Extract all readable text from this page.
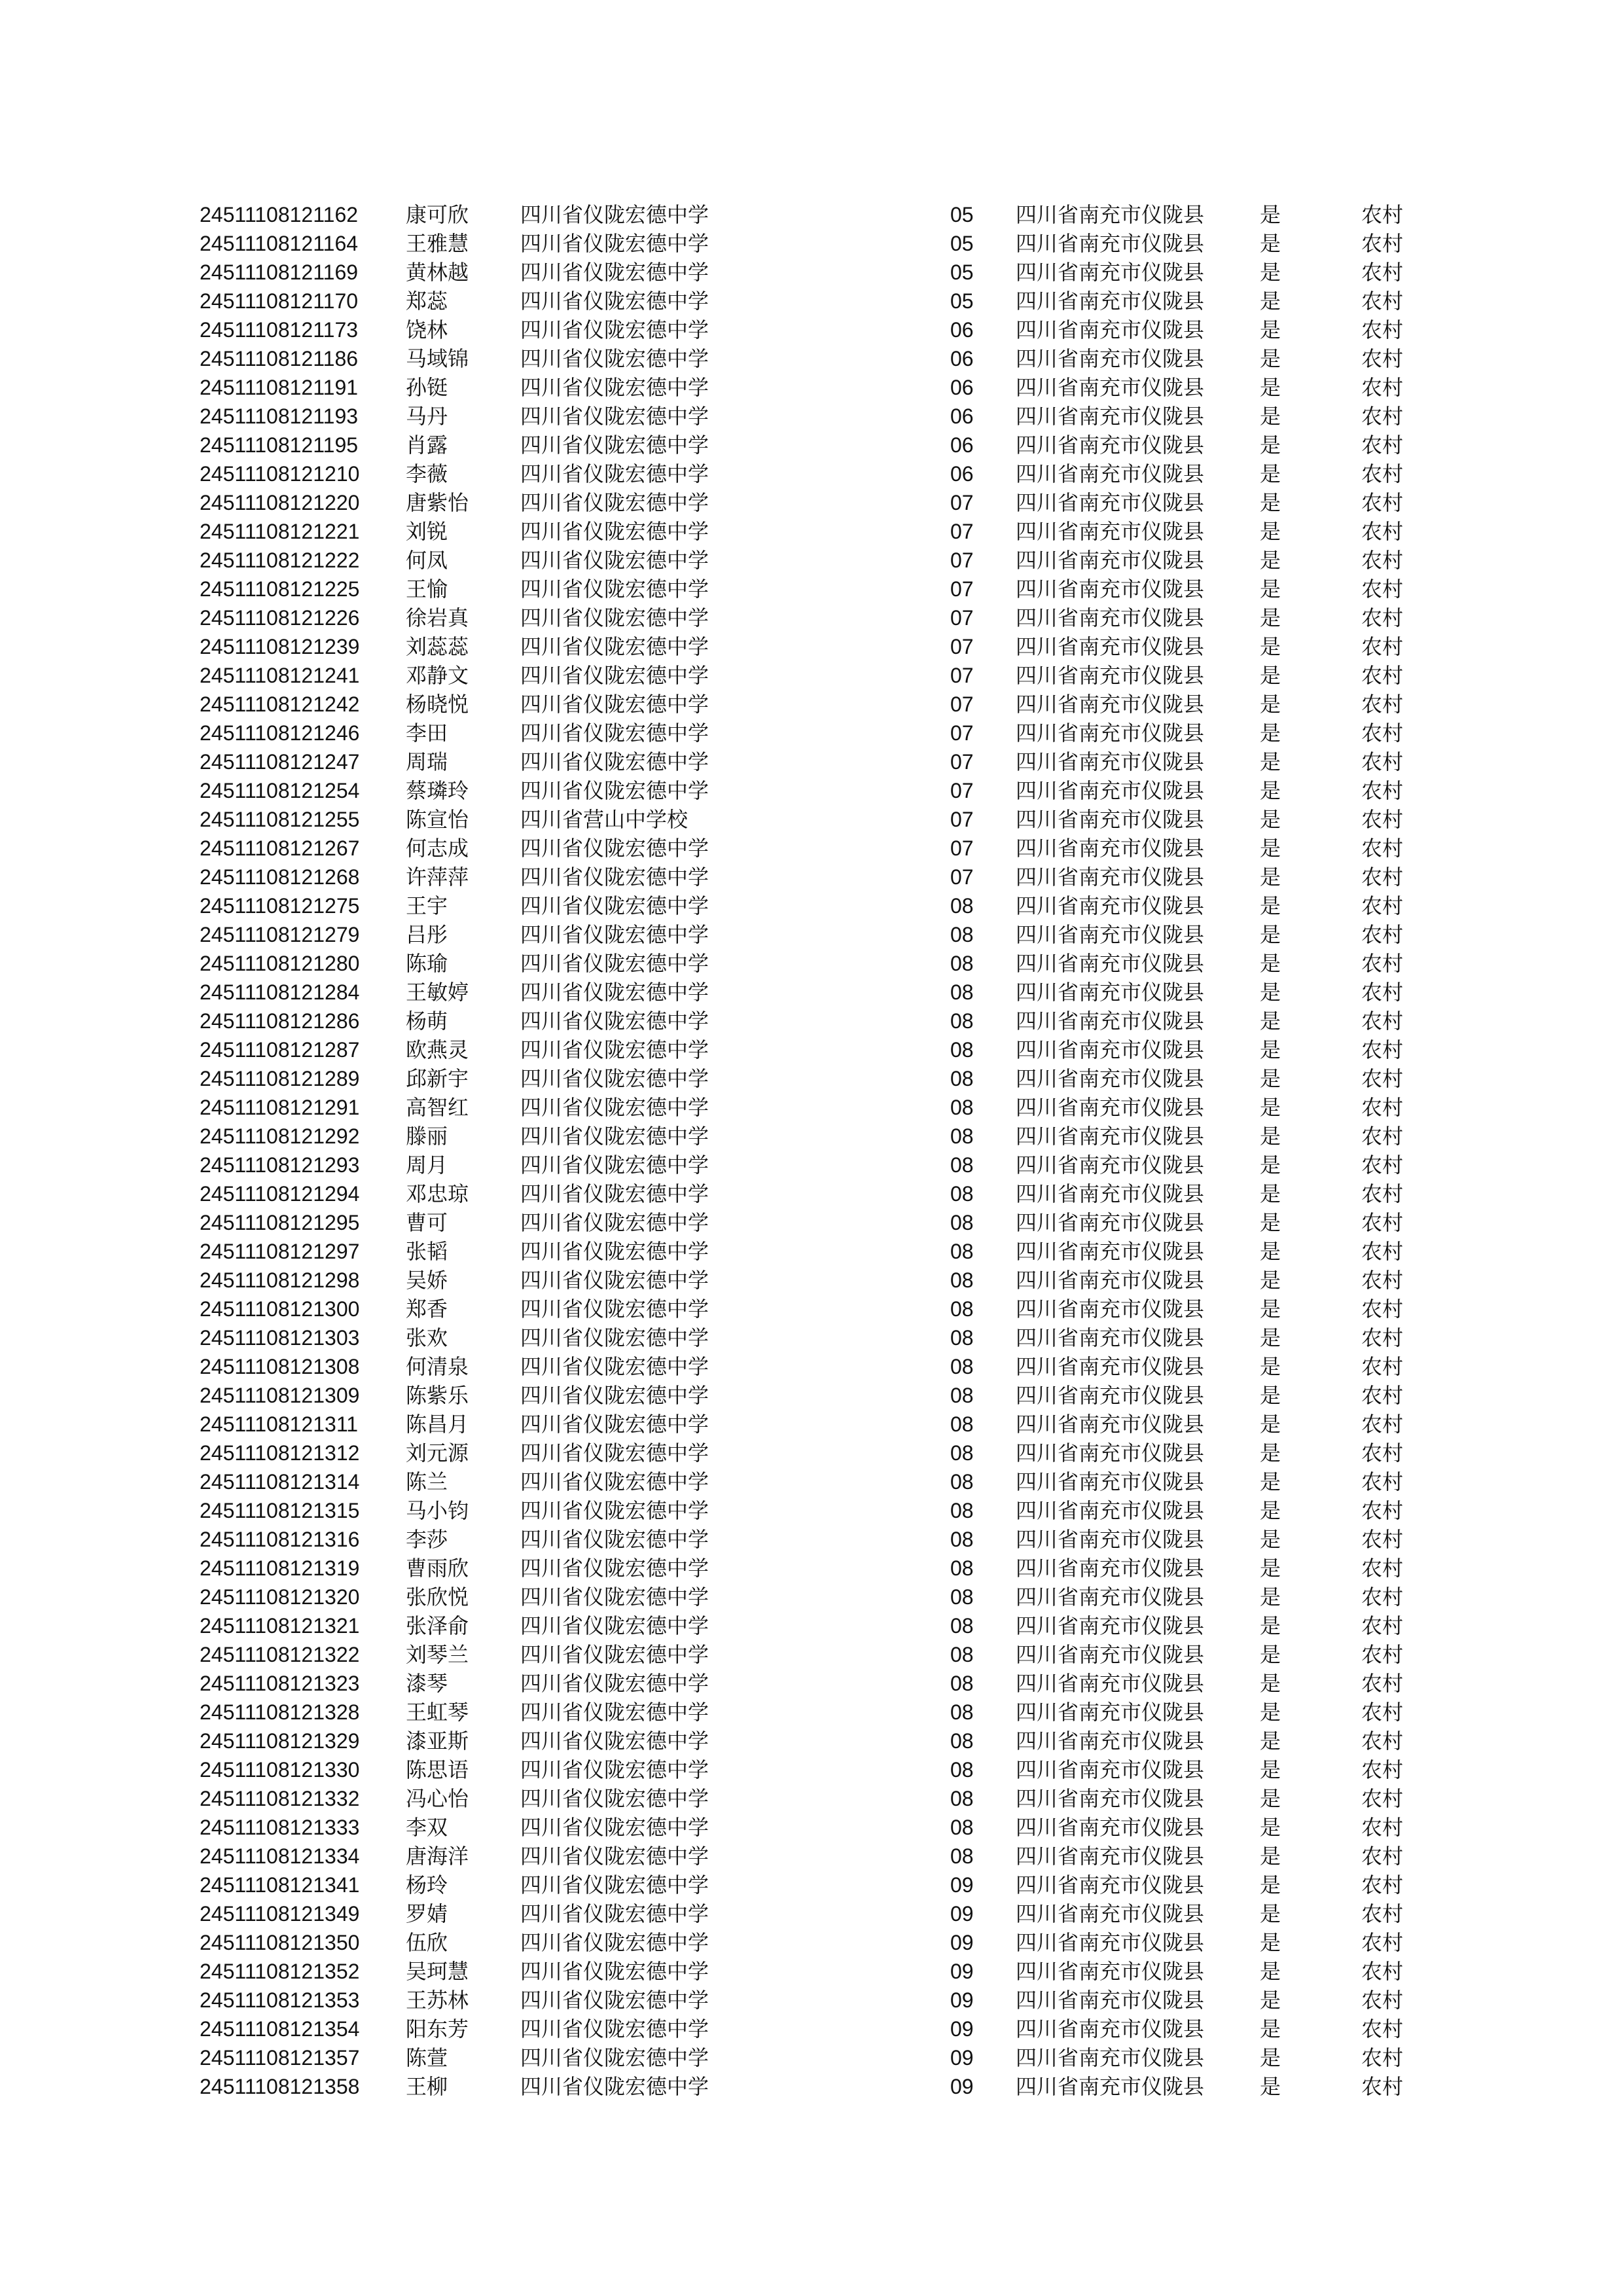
24511108121162 康可欣 四川省仪陇宏德中学	05 四川省南充市仪陇县	是	农村
24511108121164 王雅慧 四川省仪陇宏德中学	05 四川省南充市仪陇县	是	农村
24511108121169 黄林越 四川省仪陇宏德中学	05 四川省南充市仪陇县	是	农村
24511108121170 郑蕊	四川省仪陇宏德中学	05 四川省南充市仪陇县	是	农村
24511108121173 饶林	四川省仪陇宏德中学	06 四川省南充市仪陇县	是	农村
24511108121186 马域锦 四川省仪陇宏德中学	06 四川省南充市仪陇县	是	农村
24511108121191 孙铤	四川省仪陇宏德中学	06 四川省南充市仪陇县	是	农村
24511108121193 马丹	四川省仪陇宏德中学	06 四川省南充市仪陇县	是	农村
24511108121195 肖露	四川省仪陇宏德中学	06 四川省南充市仪陇县	是	农村
24511108121210 李薇	四川省仪陇宏德中学	06 四川省南充市仪陇县	是	农村
24511108121220 唐紫怡 四川省仪陇宏德中学	07 四川省南充市仪陇县	是	农村
24511108121221 刘锐	四川省仪陇宏德中学	07 四川省南充市仪陇县	是	农村
24511108121222 何凤	四川省仪陇宏德中学	07 四川省南充市仪陇县	是	农村
24511108121225 王愉	四川省仪陇宏德中学	07 四川省南充市仪陇县	是	农村
24511108121226 徐岩真 四川省仪陇宏德中学	07 四川省南充市仪陇县	是	农村
24511108121239 刘蕊蕊 四川省仪陇宏德中学	07 四川省南充市仪陇县	是	农村
24511108121241 邓静文 四川省仪陇宏德中学	07 四川省南充市仪陇县	是	农村
24511108121242 杨晓悦 四川省仪陇宏德中学	07 四川省南充市仪陇县	是	农村
24511108121246 李田	四川省仪陇宏德中学	07 四川省南充市仪陇县	是	农村
24511108121247 周瑞	四川省仪陇宏德中学	07 四川省南充市仪陇县	是	农村
24511108121254 蔡璘玲 四川省仪陇宏德中学	07 四川省南充市仪陇县	是	农村
24511108121255 陈宣怡 四川省营山中学校	07 四川省南充市仪陇县	是	农村
24511108121267 何志成 四川省仪陇宏德中学	07 四川省南充市仪陇县	是	农村
24511108121268 许萍萍 四川省仪陇宏德中学	07 四川省南充市仪陇县	是	农村
24511108121275 王宇	四川省仪陇宏德中学	08 四川省南充市仪陇县	是	农村
24511108121279 吕彤	四川省仪陇宏德中学	08 四川省南充市仪陇县	是	农村
24511108121280 陈瑜	四川省仪陇宏德中学	08 四川省南充市仪陇县	是	农村
24511108121284 王敏婷 四川省仪陇宏德中学	08 四川省南充市仪陇县	是	农村
24511108121286 杨萌	四川省仪陇宏德中学	08 四川省南充市仪陇县	是	农村
24511108121287 欧燕灵 四川省仪陇宏德中学	08 四川省南充市仪陇县	是	农村
24511108121289 邱新宇 四川省仪陇宏德中学	08 四川省南充市仪陇县	是	农村
24511108121291 高智红 四川省仪陇宏德中学	08 四川省南充市仪陇县	是	农村
24511108121292 滕丽	四川省仪陇宏德中学	08 四川省南充市仪陇县	是	农村
24511108121293 周月	四川省仪陇宏德中学	08 四川省南充市仪陇县	是	农村
24511108121294 邓忠琼 四川省仪陇宏德中学	08 四川省南充市仪陇县	是	农村
24511108121295 曹可	四川省仪陇宏德中学	08 四川省南充市仪陇县	是	农村
24511108121297 张韬	四川省仪陇宏德中学	08 四川省南充市仪陇县	是	农村
24511108121298 吴娇	四川省仪陇宏德中学	08 四川省南充市仪陇县	是	农村
24511108121300 郑香	四川省仪陇宏德中学	08 四川省南充市仪陇县	是	农村
24511108121303 张欢	四川省仪陇宏德中学	08 四川省南充市仪陇县	是	农村
24511108121308 何清泉 四川省仪陇宏德中学	08 四川省南充市仪陇县	是	农村
24511108121309 陈紫乐 四川省仪陇宏德中学	08 四川省南充市仪陇县	是	农村
24511108121311 陈昌月 四川省仪陇宏德中学	08 四川省南充市仪陇县	是	农村
24511108121312 刘元源 四川省仪陇宏德中学	08 四川省南充市仪陇县	是	农村
24511108121314 陈兰	四川省仪陇宏德中学	08 四川省南充市仪陇县	是	农村
24511108121315 马小钧 四川省仪陇宏德中学	08 四川省南充市仪陇县	是	农村
24511108121316 李莎	四川省仪陇宏德中学	08 四川省南充市仪陇县	是	农村
24511108121319 曹雨欣 四川省仪陇宏德中学	08 四川省南充市仪陇县	是	农村
24511108121320 张欣悦 四川省仪陇宏德中学	08 四川省南充市仪陇县	是	农村
24511108121321 张泽俞 四川省仪陇宏德中学	08 四川省南充市仪陇县	是	农村
24511108121322 刘琴兰 四川省仪陇宏德中学	08 四川省南充市仪陇县	是	农村
24511108121323 漆琴	四川省仪陇宏德中学	08 四川省南充市仪陇县	是	农村
24511108121328 王虹琴 四川省仪陇宏德中学	08 四川省南充市仪陇县	是	农村
24511108121329 漆亚斯 四川省仪陇宏德中学	08 四川省南充市仪陇县	是	农村
24511108121330 陈思语 四川省仪陇宏德中学	08 四川省南充市仪陇县	是	农村
24511108121332 冯心怡 四川省仪陇宏德中学	08 四川省南充市仪陇县	是	农村
24511108121333 李双	四川省仪陇宏德中学	08 四川省南充市仪陇县	是	农村
24511108121334 唐海洋 四川省仪陇宏德中学	08 四川省南充市仪陇县	是	农村
24511108121341 杨玲	四川省仪陇宏德中学	09 四川省南充市仪陇县	是	农村
24511108121349 罗婧	四川省仪陇宏德中学	09 四川省南充市仪陇县	是	农村
24511108121350 伍欣	四川省仪陇宏德中学	09 四川省南充市仪陇县	是	农村
24511108121352 吴珂慧 四川省仪陇宏德中学	09 四川省南充市仪陇县	是	农村
24511108121353 王苏林 四川省仪陇宏德中学	09 四川省南充市仪陇县	是	农村
24511108121354 阳东芳 四川省仪陇宏德中学	09 四川省南充市仪陇县	是	农村
24511108121357 陈萱	四川省仪陇宏德中学	09 四川省南充市仪陇县	是	农村
24511108121358 王柳	四川省仪陇宏德中学	09 四川省南充市仪陇县	是	农村
